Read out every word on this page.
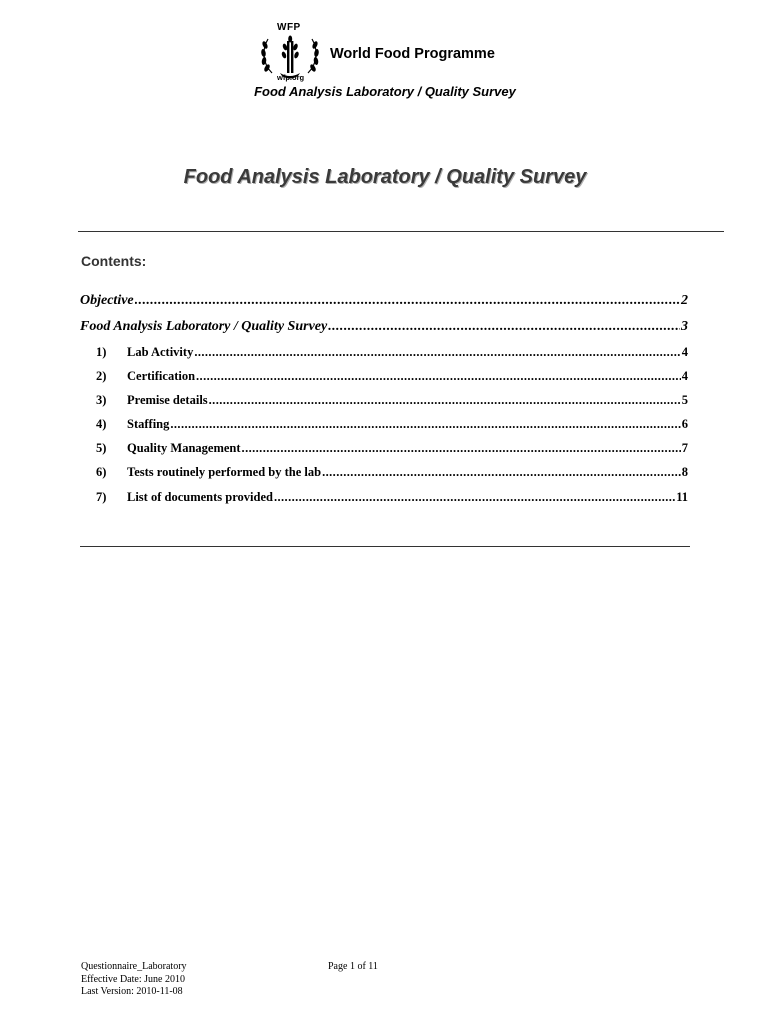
WFP
World Food Programme
wfp.org
Food Analysis Laboratory / Quality Survey
Food Analysis Laboratory / Quality Survey
Contents:
Objective .....	2
Food Analysis Laboratory / Quality Survey .....	3
1)	Lab Activity .....	4
2)	Certification .....	4
3)	Premise details .....	5
4)	Staffing .....	6
5)	Quality Management .....	7
6)	Tests routinely performed by the lab .....	8
7)	List of documents provided .....	11
Questionnaire_Laboratory
Effective Date: June 2010
Last Version: 2010-11-08
Page 1 of 11
